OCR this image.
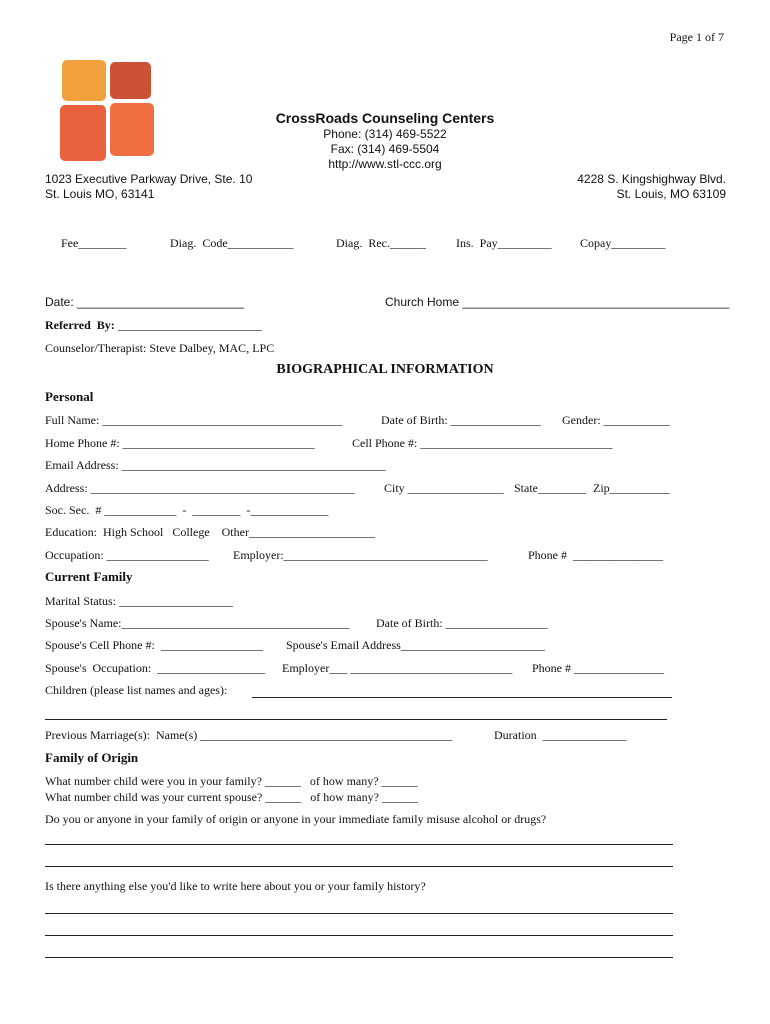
Page 1 of 7
CrossRoads Counseling Centers
Phone: (314) 469-5522
Fax: (314) 469-5504
http://www.stl-ccc.org
1023 Executive Parkway Drive, Ste. 10
St. Louis MO, 63141
4228 S. Kingshighway Blvd.
St. Louis, MO 63109
Fee________	Diag.  Code___________	Diag.  Rec.______	Ins.  Pay_________ Copay_________
Date: _________________________	Church Home ________________________________________
Referred  By: ________________________
Counselor/Therapist: Steve Dalbey, MAC, LPC
BIOGRAPHICAL INFORMATION
Personal
Full Name: ________________________________________	Date of Birth: _______________ Gender: ___________
Home Phone #: ________________________________	Cell Phone #: ________________________________
Email Address: ____________________________________________
Address: ____________________________________________ City ________________ State________ Zip__________
Soc. Sec.  # ____________  -  ________  -_____________
Education:  High School   College    Other_____________________
Occupation: _________________ Employer:__________________________________	Phone #  _______________
Current Family
Marital Status: ___________________
Spouse's Name:______________________________________ Date of Birth: _________________
Spouse's Cell Phone #:  _________________ Spouse's Email Address________________________
Spouse's  Occupation:  __________________ Employer___ ___________________________ Phone # _______________
Children (please list names and ages):
Previous Marriage(s):  Name(s) __________________________________________	Duration  ______________
Family of Origin
What number child were you in your family? ______   of how many? ______
What number child was your current spouse? ______   of how many? ______
Do you or anyone in your family of origin or anyone in your immediate family misuse alcohol or drugs?
Is there anything else you'd like to write here about you or your family history?
